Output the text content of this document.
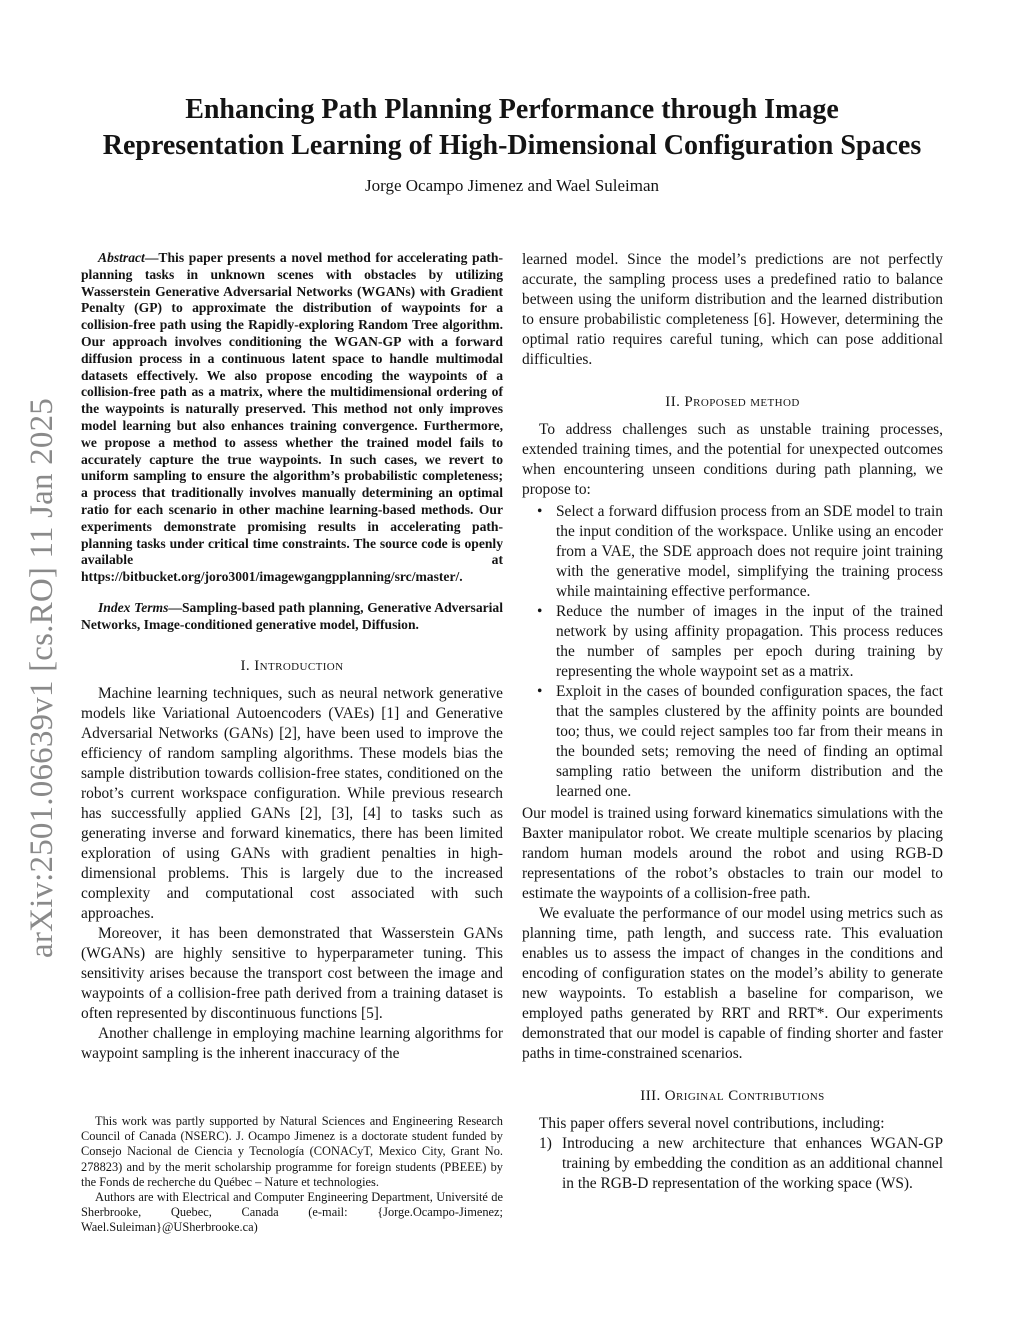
arXiv:2501.06639v1 [cs.RO] 11 Jan 2025
Enhancing Path Planning Performance through Image
Representation Learning of High-Dimensional Configuration Spaces
Jorge Ocampo Jimenez and Wael Suleiman

Abstract—This paper presents a novel method for accelerating path-planning tasks in unknown scenes with obstacles by utilizing Wasserstein Generative Adversarial Networks (WGANs) with Gradient Penalty (GP) to approximate the distribution of waypoints for a collision-free path using the Rapidly-exploring Random Tree algorithm. Our approach involves conditioning the WGAN-GP with a forward diffusion process in a continuous latent space to handle multimodal datasets effectively. We also propose encoding the waypoints of a collision-free path as a matrix, where the multidimensional ordering of the waypoints is naturally preserved. This method not only improves model learning but also enhances training convergence. Furthermore, we propose a method to assess whether the trained model fails to accurately capture the true waypoints. In such cases, we revert to uniform sampling to ensure the algorithm’s probabilistic completeness; a process that traditionally involves manually determining an optimal ratio for each scenario in other machine learning-based methods. Our experiments demonstrate promising results in accelerating path-planning tasks under critical time constraints. The source code is openly available at https://bitbucket.org/joro3001/imagewgangpplanning/src/master/.

Index Terms—Sampling-based path planning, Generative Adversarial Networks, Image-conditioned generative model, Diffusion.

I. Introduction

Machine learning techniques, such as neural network generative models like Variational Autoencoders (VAEs) [1] and Generative Adversarial Networks (GANs) [2], have been used to improve the efficiency of random sampling algorithms. These models bias the sample distribution towards collision-free states, conditioned on the robot’s current workspace configuration. While previous research has successfully applied GANs [2], [3], [4] to tasks such as generating inverse and forward kinematics, there has been limited exploration of using GANs with gradient penalties in high-dimensional problems. This is largely due to the increased complexity and computational cost associated with such approaches.

Moreover, it has been demonstrated that Wasserstein GANs (WGANs) are highly sensitive to hyperparameter tuning. This sensitivity arises because the transport cost between the image and waypoints of a collision-free path derived from a training dataset is often represented by discontinuous functions [5].

Another challenge in employing machine learning algorithms for waypoint sampling is the inherent inaccuracy of the

This work was partly supported by Natural Sciences and Engineering Research Council of Canada (NSERC). J. Ocampo Jimenez is a doctorate student funded by Consejo Nacional de Ciencia y Tecnología (CONACyT, Mexico City, Grant No. 278823) and by the merit scholarship programme for foreign students (PBEEE) by the Fonds de recherche du Québec – Nature et technologies.

Authors are with Electrical and Computer Engineering Department, Université de Sherbrooke, Quebec, Canada (e-mail: {Jorge.Ocampo-Jimenez; Wael.Suleiman}@USherbrooke.ca)

learned model. Since the model’s predictions are not perfectly accurate, the sampling process uses a predefined ratio to balance between using the uniform distribution and the learned distribution to ensure probabilistic completeness [6]. However, determining the optimal ratio requires careful tuning, which can pose additional difficulties.

II. Proposed method

To address challenges such as unstable training processes, extended training times, and the potential for unexpected outcomes when encountering unseen conditions during path planning, we propose to:

• Select a forward diffusion process from an SDE model to train the input condition of the workspace. Unlike using an encoder from a VAE, the SDE approach does not require joint training with the generative model, simplifying the training process while maintaining effective performance.
• Reduce the number of images in the input of the trained network by using affinity propagation. This process reduces the number of samples per epoch during training by representing the whole waypoint set as a matrix.
• Exploit in the cases of bounded configuration spaces, the fact that the samples clustered by the affinity points are bounded too; thus, we could reject samples too far from their means in the bounded sets; removing the need of finding an optimal sampling ratio between the uniform distribution and the learned one.

Our model is trained using forward kinematics simulations with the Baxter manipulator robot. We create multiple scenarios by placing random human models around the robot and using RGB-D representations of the robot’s obstacles to train our model to estimate the waypoints of a collision-free path.

We evaluate the performance of our model using metrics such as planning time, path length, and success rate. This evaluation enables us to assess the impact of changes in the conditions and encoding of configuration states on the model’s ability to generate new waypoints. To establish a baseline for comparison, we employed paths generated by RRT and RRT*. Our experiments demonstrated that our model is capable of finding shorter and faster paths in time-constrained scenarios.

III. Original Contributions

This paper offers several novel contributions, including:

1) Introducing a new architecture that enhances WGAN-GP training by embedding the condition as an additional channel in the RGB-D representation of the working space (WS).
